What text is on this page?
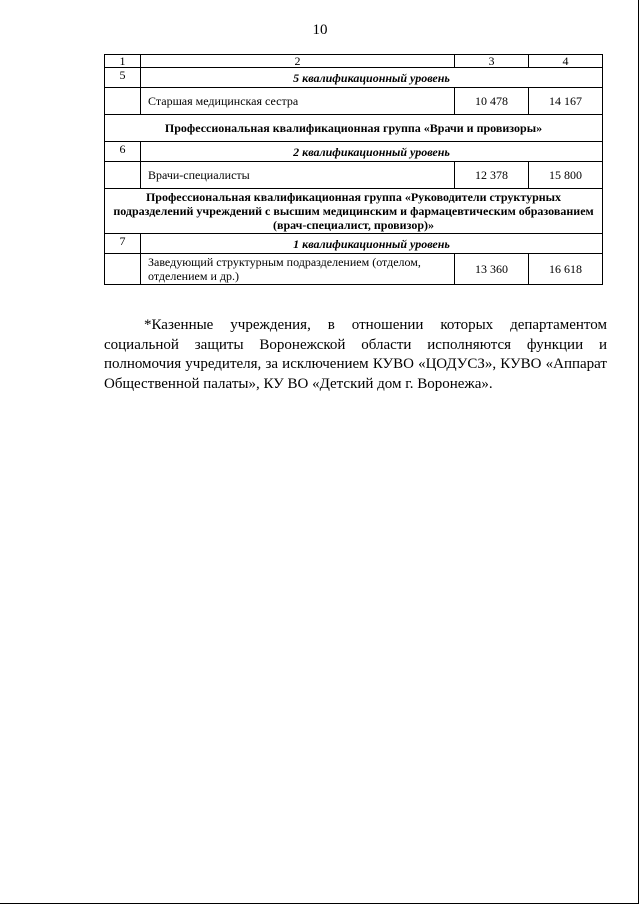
10
1	2	3	4
5	5 квалификационный уровень		
	Старшая медицинская сестра	10 478	14 167
Профессиональная квалификационная группа «Врачи и провизоры»			
6	2 квалификационный уровень		
	Врачи-специалисты	12 378	15 800
Профессиональная квалификационная группа «Руководители структурных подразделений учреждений с высшим медицинским и фармацевтическим образованием (врач-специалист, провизор)»			
7	1 квалификационный уровень		
	Заведующий структурным подразделением (отделом, отделением и др.)	13 360	16 618

*Казенные учреждения, в отношении которых департаментом социальной защиты Воронежской области исполняются функции и полномочия учредителя, за исключением КУВО «ЦОДУСЗ», КУВО «Аппарат Общественной палаты», КУ ВО «Детский дом г. Воронежа».
